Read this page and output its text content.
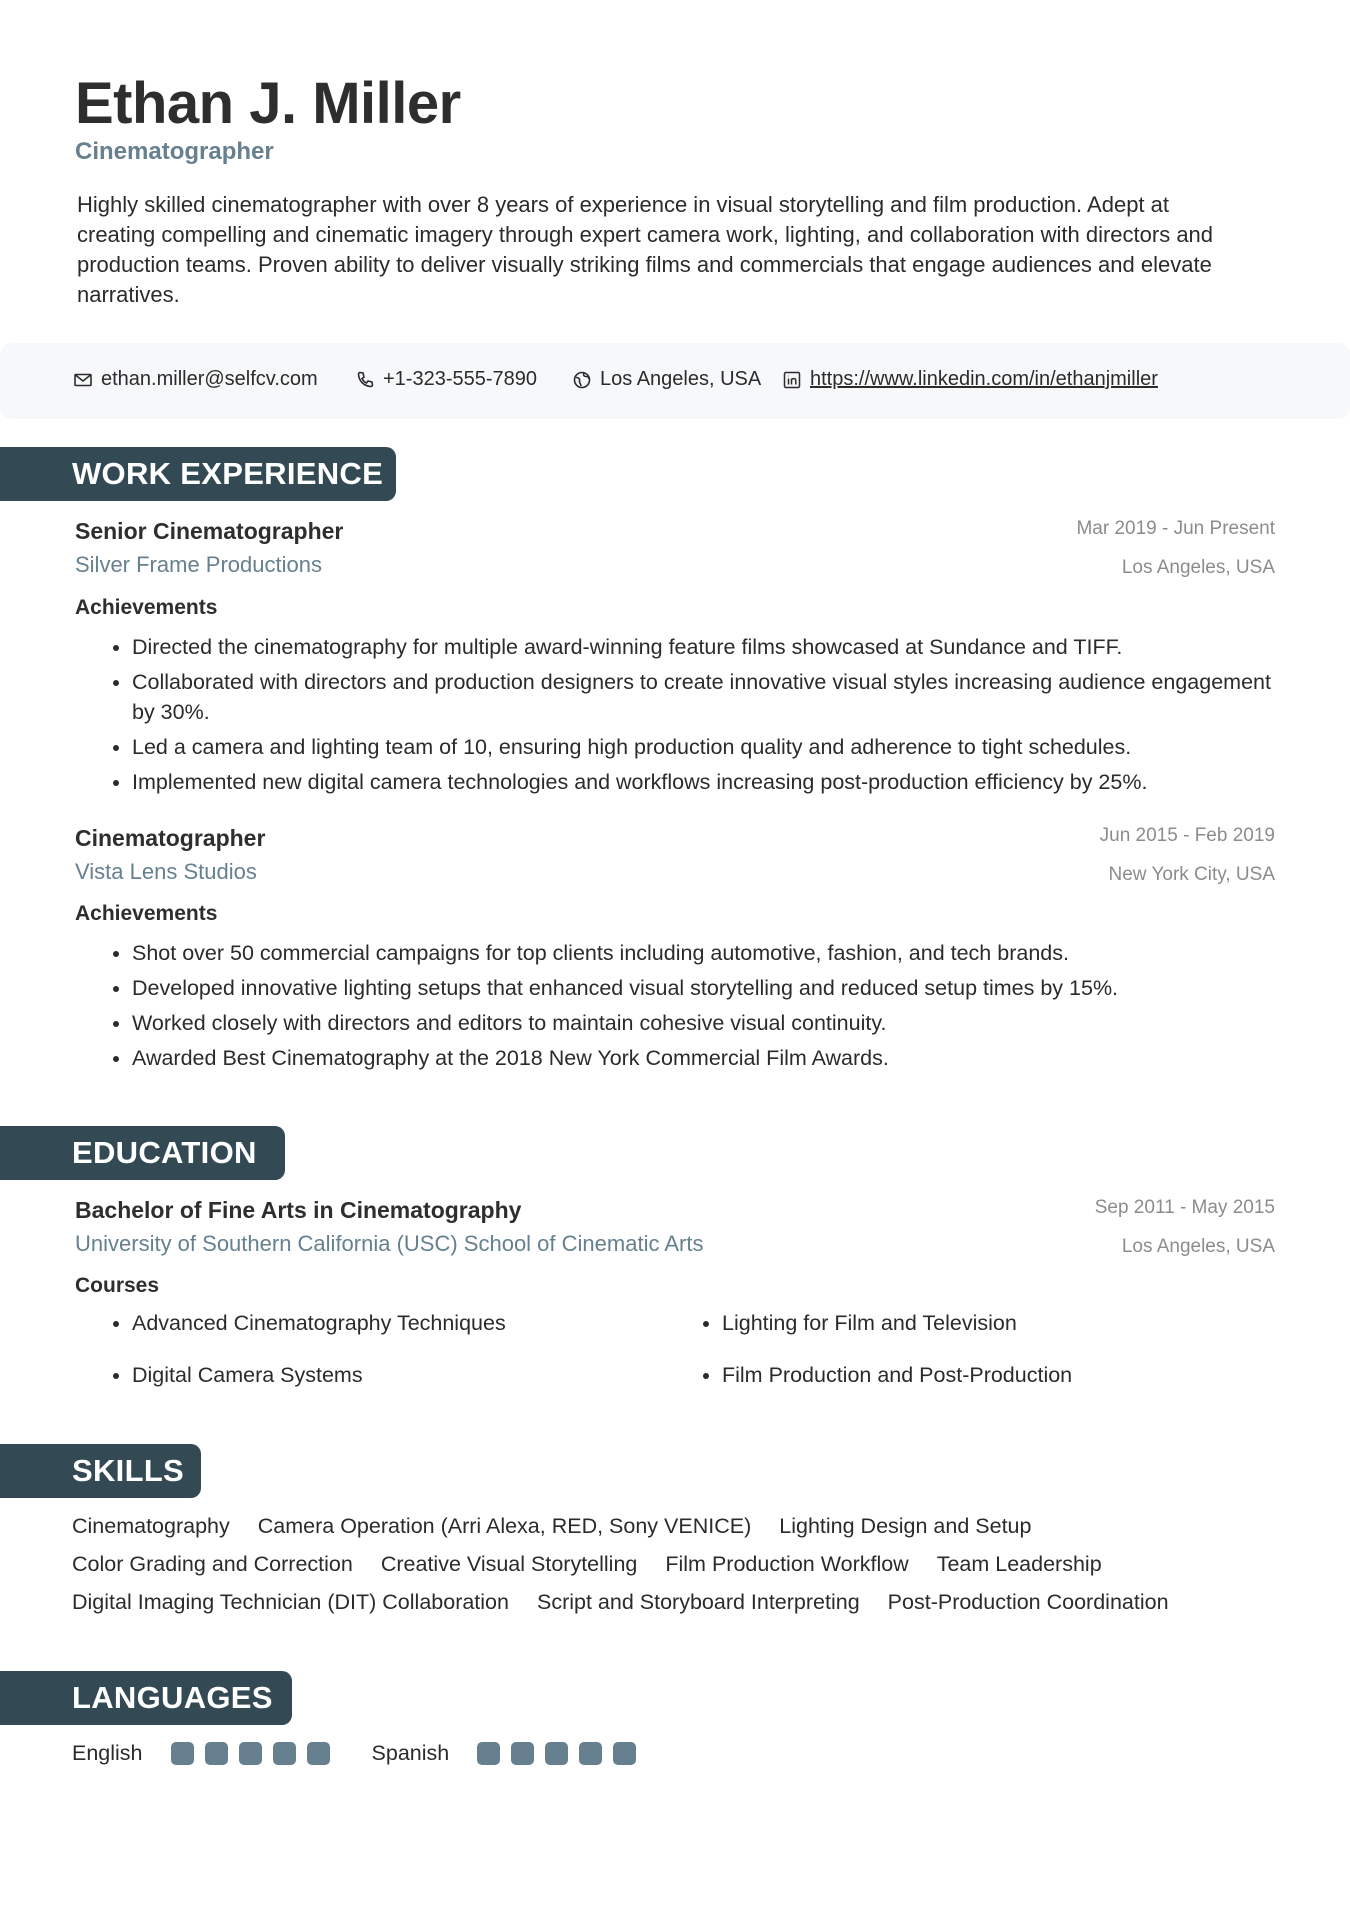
Ethan J. Miller
Cinematographer

Highly skilled cinematographer with over 8 years of experience in visual storytelling and film production. Adept at creating compelling and cinematic imagery through expert camera work, lighting, and collaboration with directors and production teams. Proven ability to deliver visually striking films and commercials that engage audiences and elevate narratives.

ethan.miller@selfcv.com	+1-323-555-7890	Los Angeles, USA https://www.linkedin.com/in/ethanjmiller
WORK EXPERIENCE
Senior Cinematographer
Silver Frame Productions
Mar 2019 - Jun Present
Los Angeles, USA
Achievements
• Directed the cinematography for multiple award-winning feature films showcased at Sundance and TIFF.
• Collaborated with directors and production designers to create innovative visual styles increasing audience engagement by 30%.
• Led a camera and lighting team of 10, ensuring high production quality and adherence to tight schedules.
• Implemented new digital camera technologies and workflows increasing post-production efficiency by 25%.
Cinematographer
Vista Lens Studios
Jun 2015 - Feb 2019
New York City, USA
Achievements
• Shot over 50 commercial campaigns for top clients including automotive, fashion, and tech brands.
• Developed innovative lighting setups that enhanced visual storytelling and reduced setup times by 15%.
• Worked closely with directors and editors to maintain cohesive visual continuity.
• Awarded Best Cinematography at the 2018 New York Commercial Film Awards.
EDUCATION
Bachelor of Fine Arts in Cinematography
University of Southern California (USC) School of Cinematic Arts
Sep 2011 - May 2015
Los Angeles, USA
Courses
• Advanced Cinematography Techniques	• Lighting for Film and Television
• Digital Camera Systems	• Film Production and Post-Production
SKILLS
Cinematography Camera Operation (Arri Alexa, RED, Sony VENICE) Lighting Design and Setup
Color Grading and Correction Creative Visual Storytelling Film Production Workflow Team Leadership
Digital Imaging Technician (DIT) Collaboration Script and Storyboard Interpreting Post-Production Coordination
LANGUAGES
English	Spanish
